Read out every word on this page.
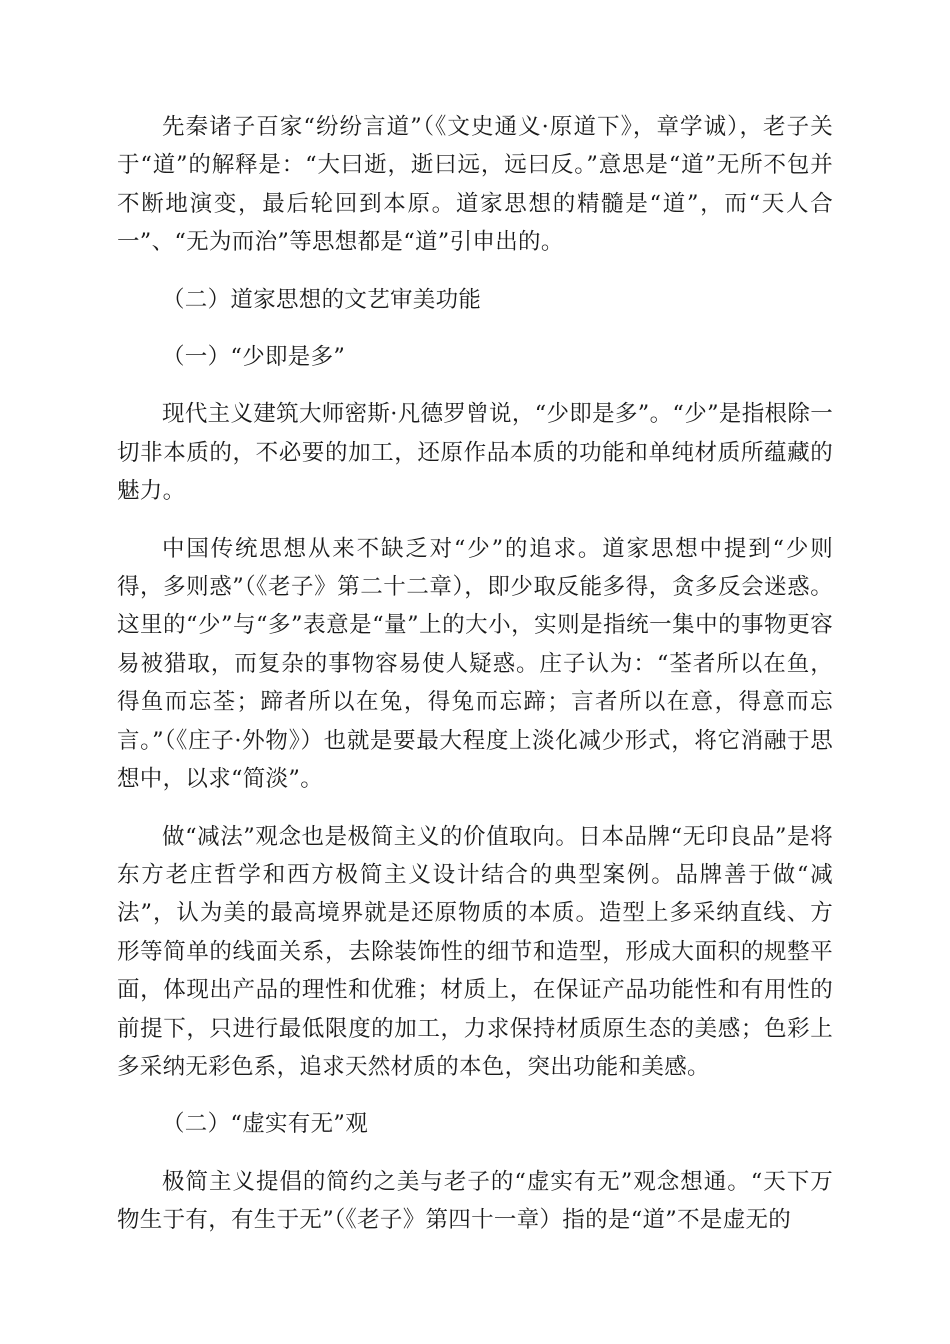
先秦诸子百家“纷纷言道”（《文史通义·原道下》，章学诚），老子关于“道”的解释是：“大曰逝，逝曰远，远曰反。”意思是“道”无所不包并不断地演变，最后轮回到本原。道家思想的精髓是“道”，而“天人合一”、“无为而治”等思想都是“道”引申出的。

（二）道家思想的文艺审美功能

（一）“少即是多”

现代主义建筑大师密斯·凡德罗曾说，“少即是多”。“少”是指根除一切非本质的，不必要的加工，还原作品本质的功能和单纯材质所蕴藏的魅力。

中国传统思想从来不缺乏对“少”的追求。道家思想中提到“少则得，多则惑”（《老子》第二十二章），即少取反能多得，贪多反会迷惑。这里的“少”与“多”表意是“量”上的大小，实则是指统一集中的事物更容易被猎取，而复杂的事物容易使人疑惑。庄子认为：“荃者所以在鱼，得鱼而忘荃；蹄者所以在兔，得兔而忘蹄；言者所以在意，得意而忘言。”（《庄子·外物》）也就是要最大程度上淡化减少形式，将它消融于思想中，以求“简淡”。

做“减法”观念也是极简主义的价值取向。日本品牌“无印良品”是将东方老庄哲学和西方极简主义设计结合的典型案例。品牌善于做“减法”，认为美的最高境界就是还原物质的本质。造型上多采纳直线、方形等简单的线面关系，去除装饰性的细节和造型，形成大面积的规整平面，体现出产品的理性和优雅；材质上，在保证产品功能性和有用性的前提下，只进行最低限度的加工，力求保持材质原生态的美感；色彩上多采纳无彩色系，追求天然材质的本色，突出功能和美感。

（二）“虚实有无”观

极简主义提倡的简约之美与老子的“虚实有无”观念想通。“天下万物生于有，有生于无”（《老子》第四十一章）指的是“道”不是虚无的
